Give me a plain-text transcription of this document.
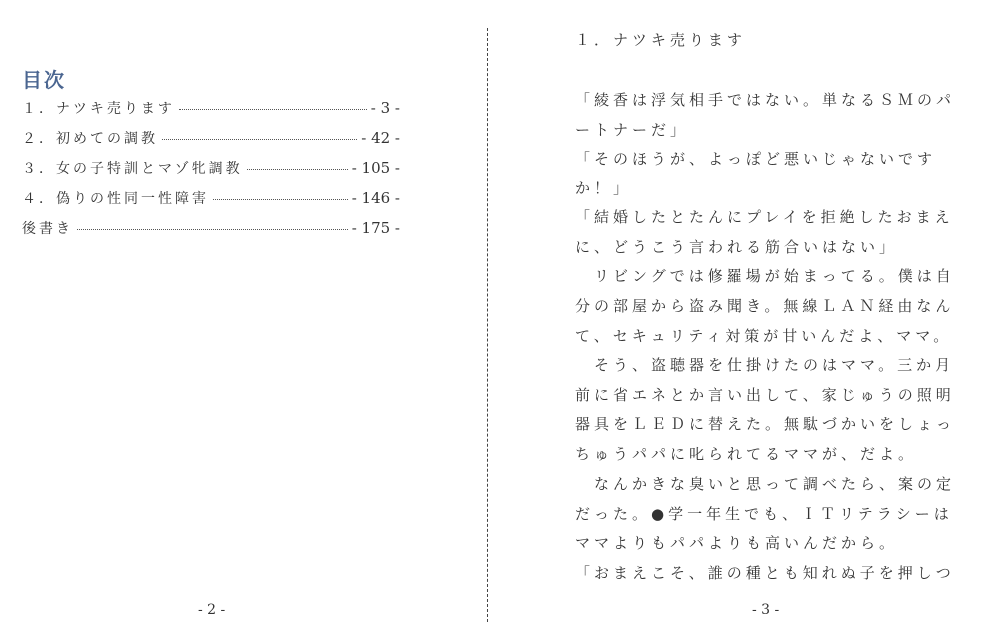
目次
１．ナツキ売ります	- 3 -
２．初めての調教	- 42 -
３．女の子特訓とマゾ牝調教	- 105 -
４．偽りの性同一性障害	- 146 -
後書き	- 175 -
- 2 -
１．ナツキ売ります
「綾香は浮気相手ではない。単なるＳＭのパ
ートナーだ」
「そのほうが、よっぽど悪いじゃないです
か！」
「結婚したとたんにプレイを拒絶したおまえ
に、どうこう言われる筋合いはない」
　リビングでは修羅場が始まってる。僕は自
分の部屋から盗み聞き。無線ＬＡＮ経由なん
て、セキュリティ対策が甘いんだよ、ママ。
　そう、盗聴器を仕掛けたのはママ。三か月
前に省エネとか言い出して、家じゅうの照明
器具をＬＥＤに替えた。無駄づかいをしょっ
ちゅうパパに叱られてるママが、だよ。
　なんかきな臭いと思って調べたら、案の定
だった。●学一年生でも、ＩＴリテラシーは
ママよりもパパよりも高いんだから。
「おまえこそ、誰の種とも知れぬ子を押しつ
- 3 -
